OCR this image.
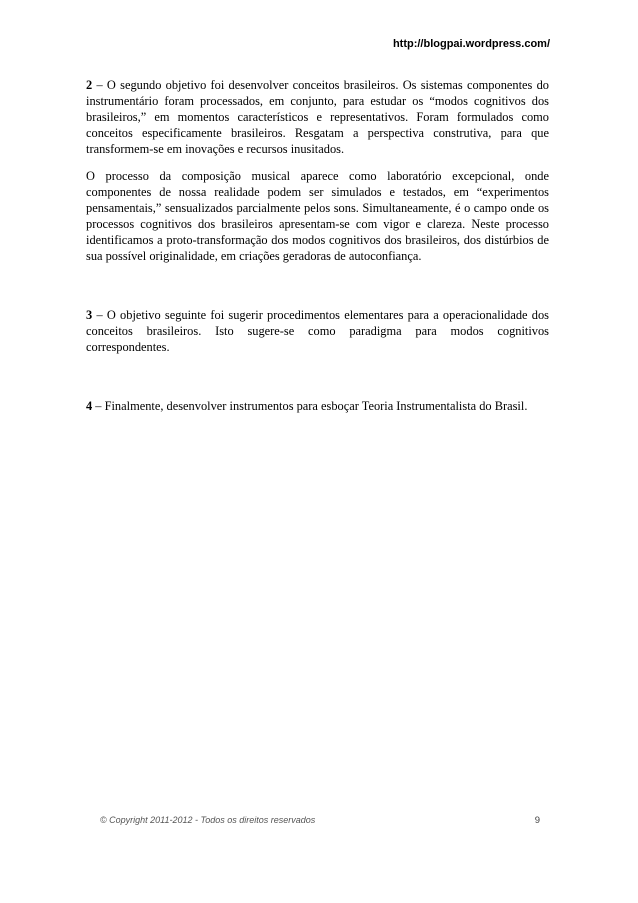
http://blogpai.wordpress.com/

2 – O segundo objetivo foi desenvolver conceitos brasileiros. Os sistemas componentes do instrumentário foram processados, em conjunto, para estudar os “modos cognitivos dos brasileiros,” em momentos característicos e representativos. Foram formulados como conceitos especificamente brasileiros. Resgatam a perspectiva construtiva, para que transformem-se em inovações e recursos inusitados.

O processo da composição musical aparece como laboratório excepcional, onde componentes de nossa realidade podem ser simulados e testados, em “experimentos pensamentais,” sensualizados parcialmente pelos sons. Simultaneamente, é o campo onde os processos cognitivos dos brasileiros apresentam-se com vigor e clareza. Neste processo identificamos a proto-transformação dos modos cognitivos dos brasileiros, dos distúrbios de sua possível originalidade, em criações geradoras de autoconfiança.

3 – O objetivo seguinte foi sugerir procedimentos elementares para a operacionalidade dos conceitos brasileiros. Isto sugere-se como paradigma para modos cognitivos correspondentes.

4 – Finalmente, desenvolver instrumentos para esboçar Teoria Instrumentalista do Brasil.

© Copyright 2011-2012 - Todos os direitos reservados	9
